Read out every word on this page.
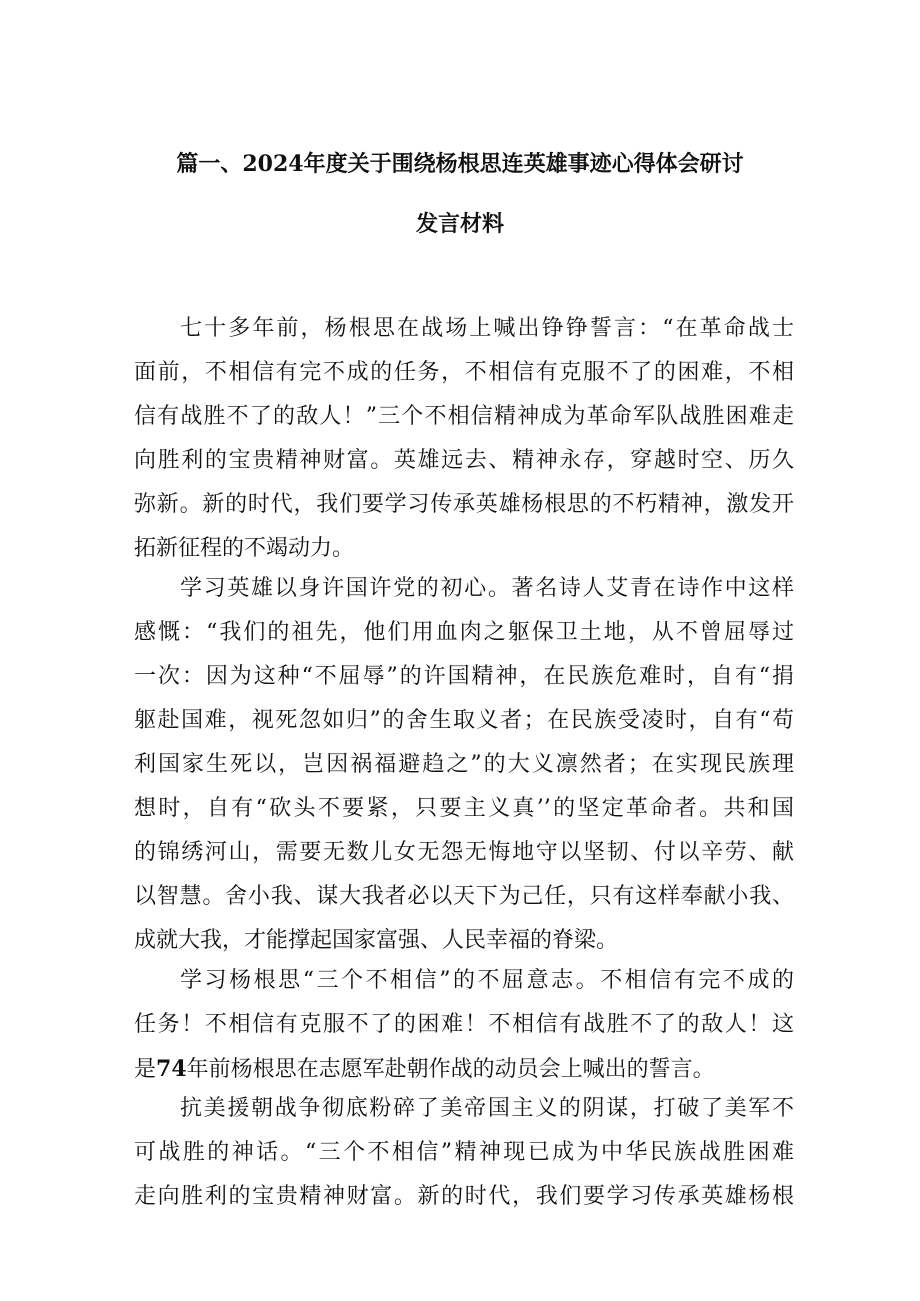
篇一、2024年度关于围绕杨根思连英雄事迹心得体会研讨
发言材料
七十多年前，杨根思在战场上喊出铮铮誓言：“在革命战士
面前，不相信有完不成的任务，不相信有克服不了的困难，不相
信有战胜不了的敌人！”三个不相信精神成为革命军队战胜困难走
向胜利的宝贵精神财富。英雄远去、精神永存，穿越时空、历久
弥新。新的时代，我们要学习传承英雄杨根思的不朽精神，激发开
拓新征程的不竭动力。
学习英雄以身许国许党的初心。著名诗人艾青在诗作中这样
感慨：“我们的祖先，他们用血肉之躯保卫土地，从不曾屈辱过
一次：因为这种“不屈辱”的许国精神，在民族危难时，自有“捐
躯赴国难，视死忽如归”的舍生取义者；在民族受凌时，自有“苟
利国家生死以，岂因祸福避趋之”的大义凛然者；在实现民族理
想时，自有“砍头不要紧，只要主义真’’的坚定革命者。共和国
的锦绣河山，需要无数儿女无怨无悔地守以坚韧、付以辛劳、献
以智慧。舍小我、谋大我者必以天下为己任，只有这样奉献小我、
成就大我，才能撑起国家富强、人民幸福的脊梁。
学习杨根思“三个不相信”的不屈意志。不相信有完不成的
任务！不相信有克服不了的困难！不相信有战胜不了的敌人！这
是74年前杨根思在志愿军赴朝作战的动员会上喊出的誓言。
抗美援朝战争彻底粉碎了美帝国主义的阴谋，打破了美军不
可战胜的神话。“三个不相信”精神现已成为中华民族战胜困难
走向胜利的宝贵精神财富。新的时代，我们要学习传承英雄杨根
